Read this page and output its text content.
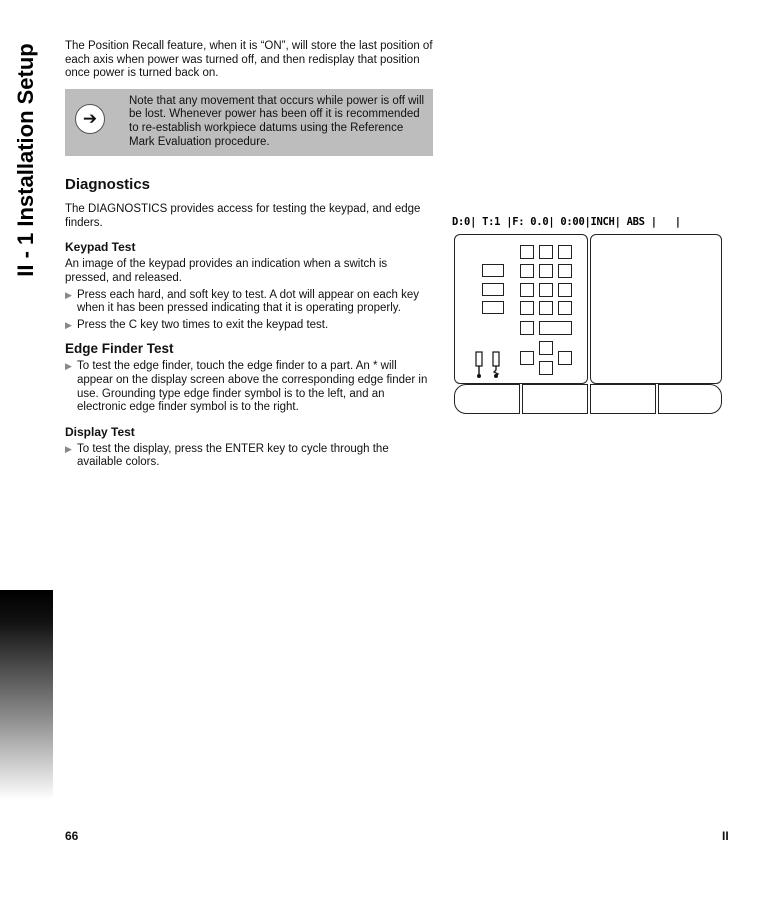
II - 1 Installation Setup The Position Recall feature, when it is “ON”, will store the last position of each axis when power was turned off, and then redisplay that position once power is turned back on.

➔

Note that any movement that occurs while power is off will be lost. Whenever power has been off it is recommended to re-establish workpiece datums using the Reference Mark Evaluation procedure.

Diagnostics

The DIAGNOSTICS provides access for testing the keypad, and edge finders.

Keypad Test

An image of the keypad provides an indication when a switch is pressed, and released.

▶ Press each hard, and soft key to test. A dot will appear on each key when it has been pressed indicating that it is operating properly.

▶ Press the C key two times to exit the keypad test.

Edge Finder Test
▶ To test the edge finder, touch the edge finder to a part. An * will appear on the display screen above the corresponding edge finder in use. Grounding type edge finder symbol is to the left, and an electronic edge finder symbol is to the right.

Display Test
▶ To test the display, press the ENTER key to cycle through the available colors.

D:0| T:1 |F: 0.0| 0:00|INCH| ABS |   |
66	II
